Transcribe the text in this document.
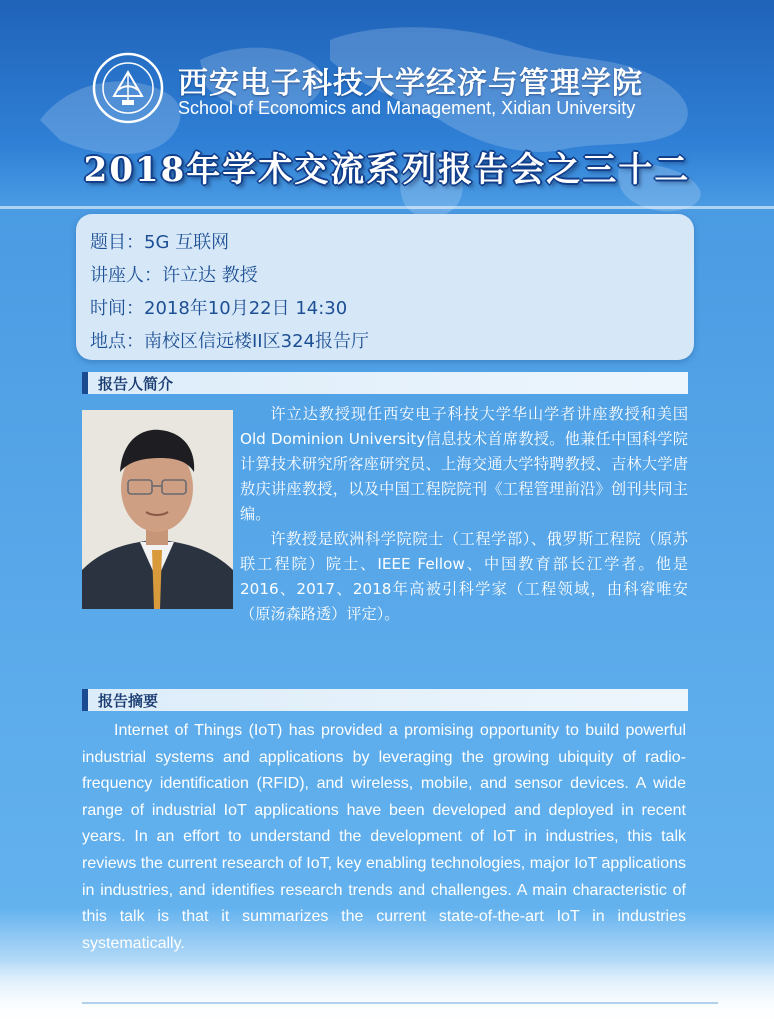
西安电子科技大学经济与管理学院
School of Economics and Management, Xidian University
2018年学术交流系列报告会之三十二
题目：5G 互联网
讲座人：许立达 教授
时间：2018年10月22日 14:30
地点：南校区信远楼II区324报告厅
报告人简介

许立达教授现任西安电子科技大学华山学者讲座教授和美国Old Dominion University信息技术首席教授。他兼任中国科学院计算技术研究所客座研究员、上海交通大学特聘教授、吉林大学唐敖庆讲座教授，以及中国工程院院刊《工程管理前沿》创刊共同主编。

许教授是欧洲科学院院士（工程学部）、俄罗斯工程院（原苏联工程院）院士、IEEE Fellow、中国教育部长江学者。他是2016、2017、2018年高被引科学家（工程领域，由科睿唯安（原汤森路透）评定）。

报告摘要

Internet of Things (IoT) has provided a promising opportunity to build powerful industrial systems and applications by leveraging the growing ubiquity of radio-frequency identification (RFID), and wireless, mobile, and sensor devices. A wide range of industrial IoT applications have been developed and deployed in recent years. In an effort to understand the development of IoT in industries, this talk reviews the current research of IoT, key enabling technologies, major IoT applications in industries, and identifies research trends and challenges. A main characteristic of this talk is that it summarizes the current state-of-the-art IoT in industries systematically.
